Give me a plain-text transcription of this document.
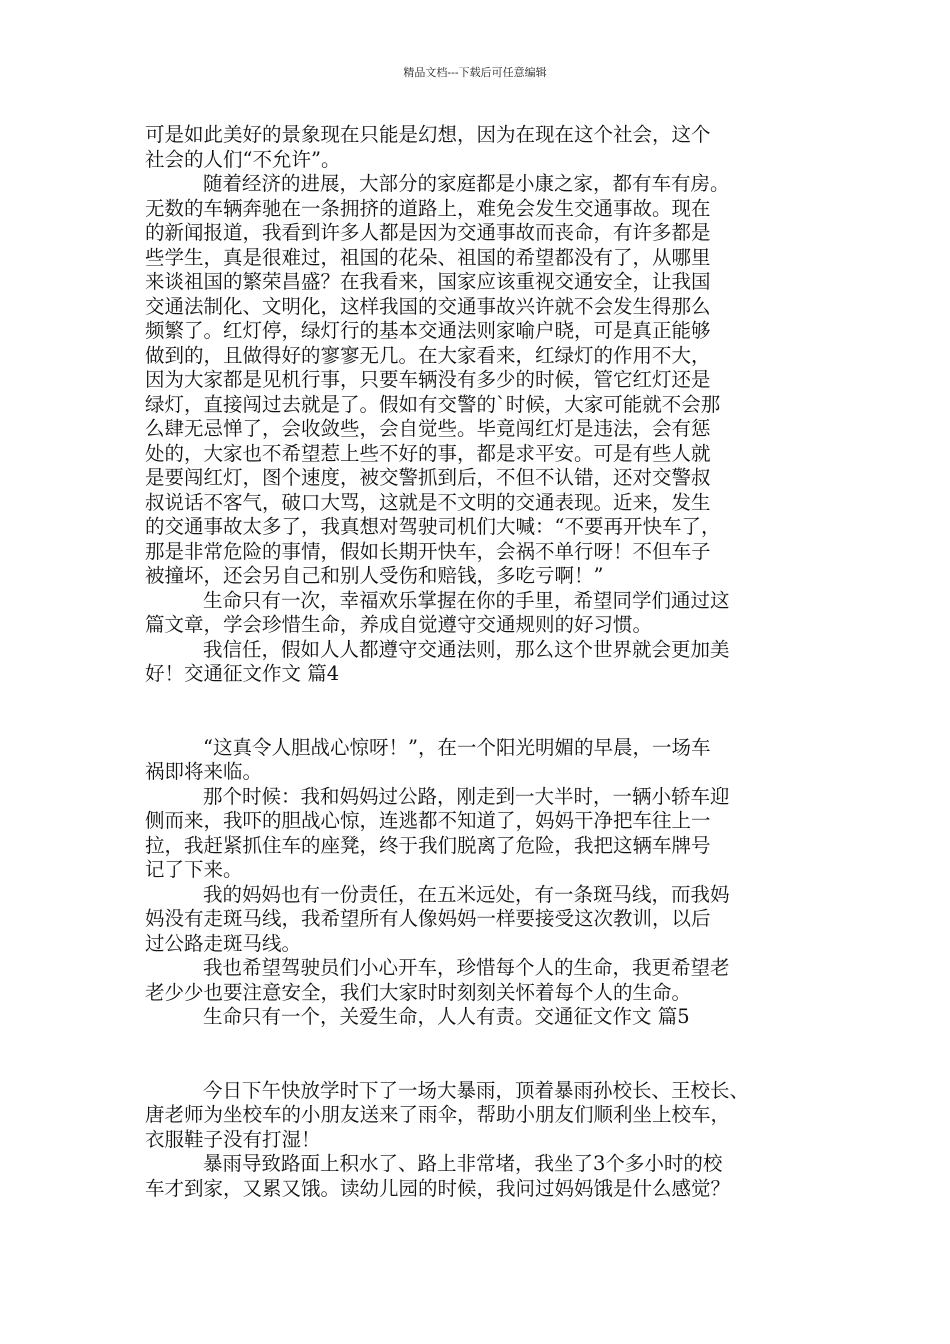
精品文档---下载后可任意编辑
可是如此美好的景象现在只能是幻想，因为在现在这个社会，这个
社会的人们“不允许”。
随着经济的进展，大部分的家庭都是小康之家，都有车有房。
无数的车辆奔驰在一条拥挤的道路上，难免会发生交通事故。现在
的新闻报道，我看到许多人都是因为交通事故而丧命，有许多都是
些学生，真是很难过，祖国的花朵、祖国的希望都没有了，从哪里
来谈祖国的繁荣昌盛？在我看来，国家应该重视交通安全，让我国
交通法制化、文明化，这样我国的交通事故兴许就不会发生得那么
频繁了。红灯停，绿灯行的基本交通法则家喻户晓，可是真正能够
做到的，且做得好的寥寥无几。在大家看来，红绿灯的作用不大，
因为大家都是见机行事，只要车辆没有多少的时候，管它红灯还是
绿灯，直接闯过去就是了。假如有交警的`时候，大家可能就不会那
么肆无忌惮了，会收敛些，会自觉些。毕竟闯红灯是违法，会有惩
处的，大家也不希望惹上些不好的事，都是求平安。可是有些人就
是要闯红灯，图个速度，被交警抓到后，不但不认错，还对交警叔
叔说话不客气，破口大骂，这就是不文明的交通表现。近来，发生
的交通事故太多了，我真想对驾驶司机们大喊：“不要再开快车了，
那是非常危险的事情，假如长期开快车，会祸不单行呀！不但车子
被撞坏，还会另自己和别人受伤和赔钱，多吃亏啊！”
生命只有一次，幸福欢乐掌握在你的手里，希望同学们通过这
篇文章，学会珍惜生命，养成自觉遵守交通规则的好习惯。
我信任，假如人人都遵守交通法则，那么这个世界就会更加美
好！交通征文作文 篇4
“这真令人胆战心惊呀！”，在一个阳光明媚的早晨，一场车
祸即将来临。
那个时候：我和妈妈过公路，刚走到一大半时，一辆小轿车迎
侧而来，我吓的胆战心惊，连逃都不知道了，妈妈干净把车往上一
拉，我赶紧抓住车的座凳，终于我们脱离了危险，我把这辆车牌号
记了下来。
我的妈妈也有一份责任，在五米远处，有一条斑马线，而我妈
妈没有走斑马线，我希望所有人像妈妈一样要接受这次教训，以后
过公路走斑马线。
我也希望驾驶员们小心开车，珍惜每个人的生命，我更希望老
老少少也要注意安全，我们大家时时刻刻关怀着每个人的生命。
生命只有一个，关爱生命，人人有责。交通征文作文 篇5
今日下午快放学时下了一场大暴雨，顶着暴雨孙校长、王校长、
唐老师为坐校车的小朋友送来了雨伞，帮助小朋友们顺利坐上校车，
衣服鞋子没有打湿！
暴雨导致路面上积水了、路上非常堵，我坐了3个多小时的校
车才到家，又累又饿。读幼儿园的时候，我问过妈妈饿是什么感觉？
